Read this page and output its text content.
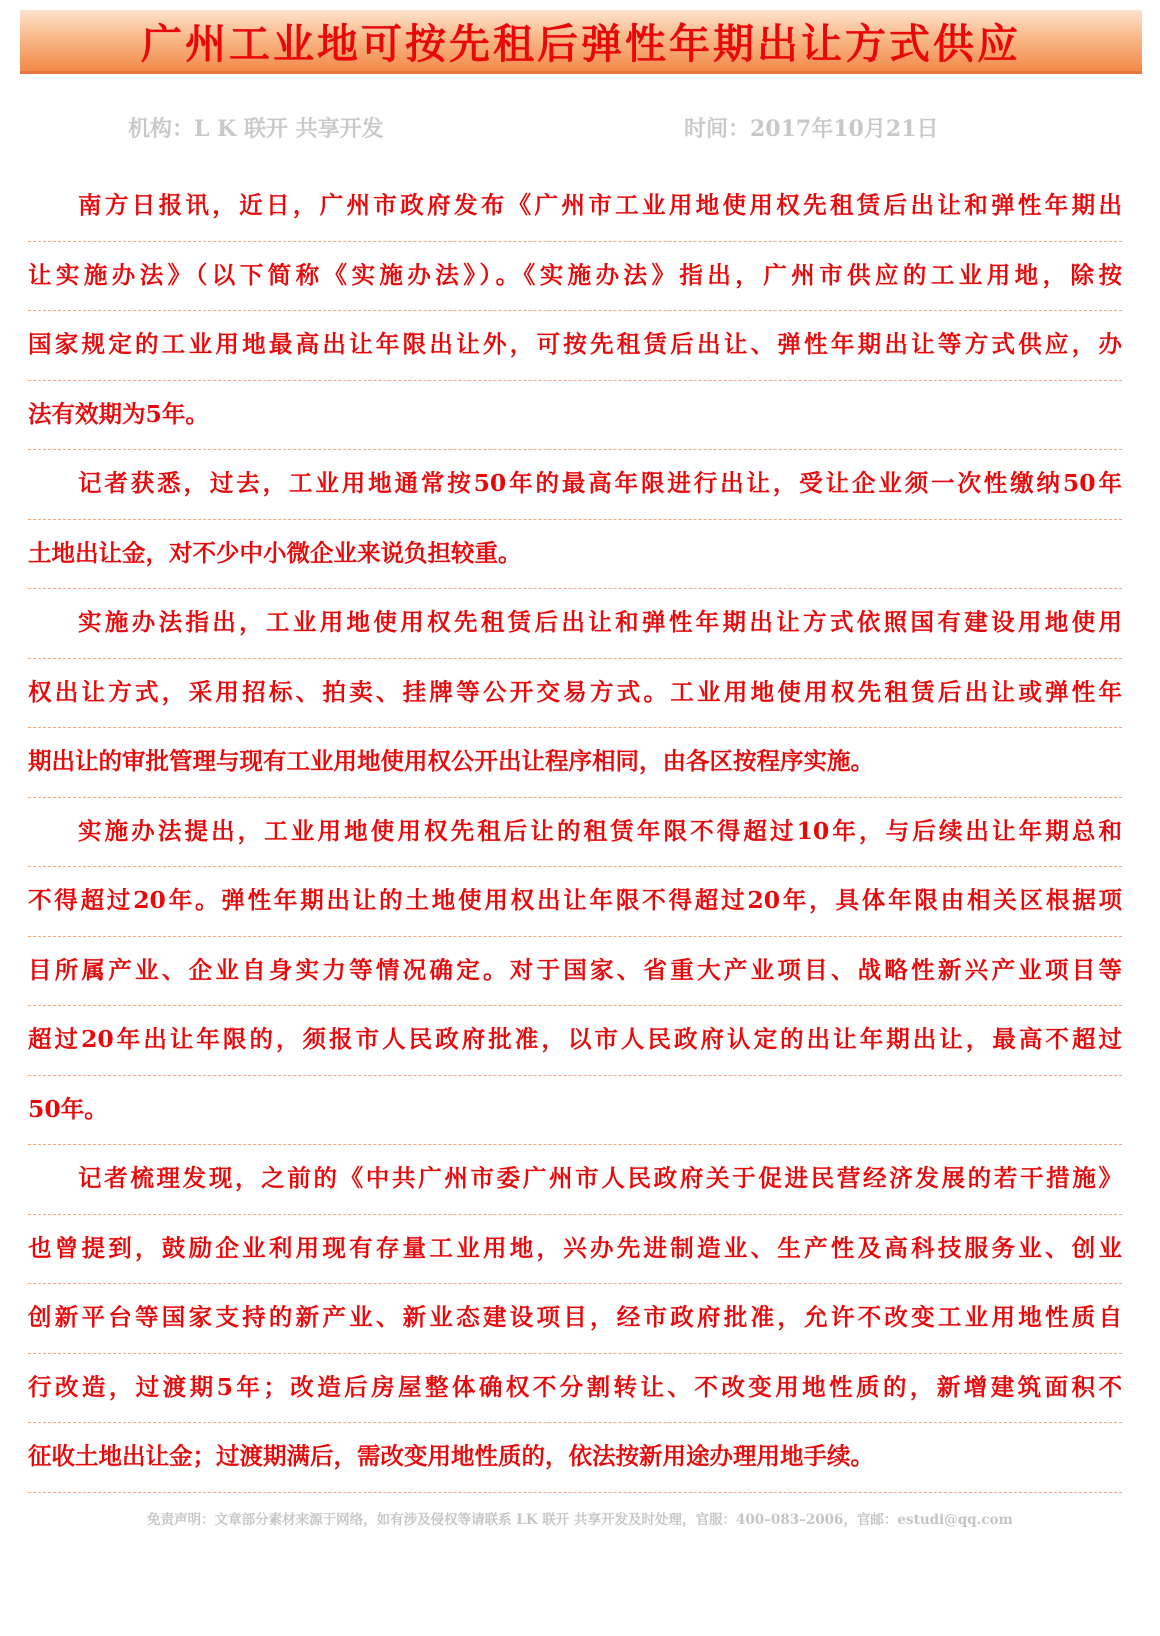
广州工业地可按先租后弹性年期出让方式供应
机构：L K 联开 共享开发	时间：2017年10月21日
南方日报讯，近日，广州市政府发布《广州市工业用地使用权先租赁后出让和弹性年期出
让实施办法》（以下简称《实施办法》）。《实施办法》指出，广州市供应的工业用地，除按
国家规定的工业用地最高出让年限出让外，可按先租赁后出让、弹性年期出让等方式供应，办
法有效期为5年。
记者获悉，过去，工业用地通常按50年的最高年限进行出让，受让企业须一次性缴纳50年
土地出让金，对不少中小微企业来说负担较重。
实施办法指出，工业用地使用权先租赁后出让和弹性年期出让方式依照国有建设用地使用
权出让方式，采用招标、拍卖、挂牌等公开交易方式。工业用地使用权先租赁后出让或弹性年
期出让的审批管理与现有工业用地使用权公开出让程序相同，由各区按程序实施。
实施办法提出，工业用地使用权先租后让的租赁年限不得超过10年，与后续出让年期总和
不得超过20年。弹性年期出让的土地使用权出让年限不得超过20年，具体年限由相关区根据项
目所属产业、企业自身实力等情况确定。对于国家、省重大产业项目、战略性新兴产业项目等
超过20年出让年限的，须报市人民政府批准，以市人民政府认定的出让年期出让，最高不超过
50年。
记者梳理发现，之前的《中共广州市委广州市人民政府关于促进民营经济发展的若干措施》
也曾提到，鼓励企业利用现有存量工业用地，兴办先进制造业、生产性及高科技服务业、创业
创新平台等国家支持的新产业、新业态建设项目，经市政府批准，允许不改变工业用地性质自
行改造，过渡期5年；改造后房屋整体确权不分割转让、不改变用地性质的，新增建筑面积不
征收土地出让金；过渡期满后，需改变用地性质的，依法按新用途办理用地手续。
免责声明：文章部分素材来源于网络，如有涉及侵权等请联系 LK 联开 共享开发及时处理，官服：400–083–2006，官邮：estudi@qq.com
